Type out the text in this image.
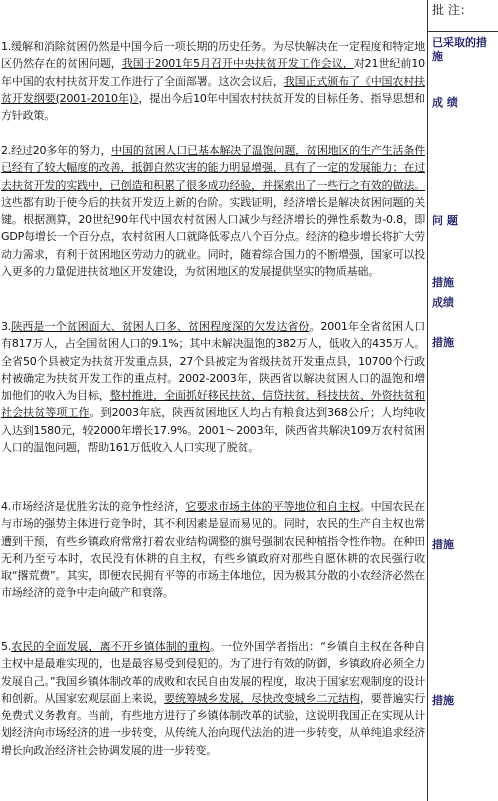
1.缓解和消除贫困仍然是中国今后一项长期的历史任务。为尽快解决在一定程度和特定地区仍然存在的贫困问题，我国于2001年5月召开中央扶贫开发工作会议，对21世纪前10年中国的农村扶贫开发工作进行了全面部署。这次会议后，我国正式颁布了《中国农村扶贫开发纲要(2001-2010年)》，提出今后10年中国农村扶贫开发的目标任务、指导思想和方针政策。
2.经过20多年的努力，中国的贫困人口已基本解决了温饱问题，贫困地区的生产生活条件已经有了较大幅度的改善，抵御自然灾害的能力明显增强，具有了一定的发展能力；在过去扶贫开发的实践中，已创造和积累了很多成功经验，并探索出了一些行之有效的做法。这些都有助于使今后的扶贫开发迈上新的台阶。实践证明，经济增长是解决贫困问题的关键。根据测算，20世纪90年代中国农村贫困人口减少与经济增长的弹性系数为-0.8，即GDP每增长一个百分点，农村贫困人口就降低零点八个百分点。经济的稳步增长将扩大劳动力需求，有利于贫困地区劳动力的就业。同时，随着综合国力的不断增强，国家可以投入更多的力量促进扶贫地区开发建设，为贫困地区的发展提供坚实的物质基础。
3.陕西是一个贫困面大、贫困人口多、贫困程度深的欠发达省份。2001年全省贫困人口有817万人，占全国贫困人口的9.1%；其中未解决温饱的382万人，低收入的435万人。全省50个县被定为扶贫开发重点县，27个县被定为省级扶贫开发重点县，10700个行政村被确定为扶贫开发工作的重点村。2002-2003年，陕西省以解决贫困人口的温饱和增加他们的收入为目标，整村推进，全面抓好移民扶贫、信贷扶贫、科技扶贫、外资扶贫和社会扶贫等项工作。到2003年底，陕西贫困地区人均占有粮食达到368公斤；人均纯收入达到1580元，较2000年增长17.9%。2001～2003年，陕西省共解决109万农村贫困人口的温饱问题，帮助161万低收入人口实现了脱贫。
4.市场经济是优胜劣汰的竞争性经济，它要求市场主体的平等地位和自主权。中国农民在与市场的强势主体进行竞争时，其不利因素是显而易见的。同时，农民的生产自主权也常遭到干预，有些乡镇政府常常打着农业结构调整的旗号强制农民种植指令性作物。在种田无利乃至亏本时，农民没有休耕的自主权，有些乡镇政府对那些自愿休耕的农民强行收取“撂荒费”。其实，即便农民拥有平等的市场主体地位，因为极其分散的小农经济必然在市场经济的竞争中走向破产和衰落。
5.农民的全面发展，离不开乡镇体制的重构。一位外国学者指出：“乡镇自主权在各种自主权中是最难实现的，也是最容易受到侵犯的。为了进行有效的防御，乡镇政府必须全力发展自己。”我国乡镇体制改革的成败和农民自由发展的程度，取决于国家宏观制度的设计和创新。从国家宏观层面上来说，要统筹城乡发展，尽快改变城乡二元结构，要普遍实行免费式义务教育。当前，有些地方进行了乡镇体制改革的试验，这说明我国正在实现从计划经济向市场经济的进一步转变，从传统人治向现代法治的进一步转变，从单纯追求经济增长向政治经济社会协调发展的进一步转变。
批 注：
已采取的措施
成 绩
问 题
措施
成绩
措施
措施
措施
